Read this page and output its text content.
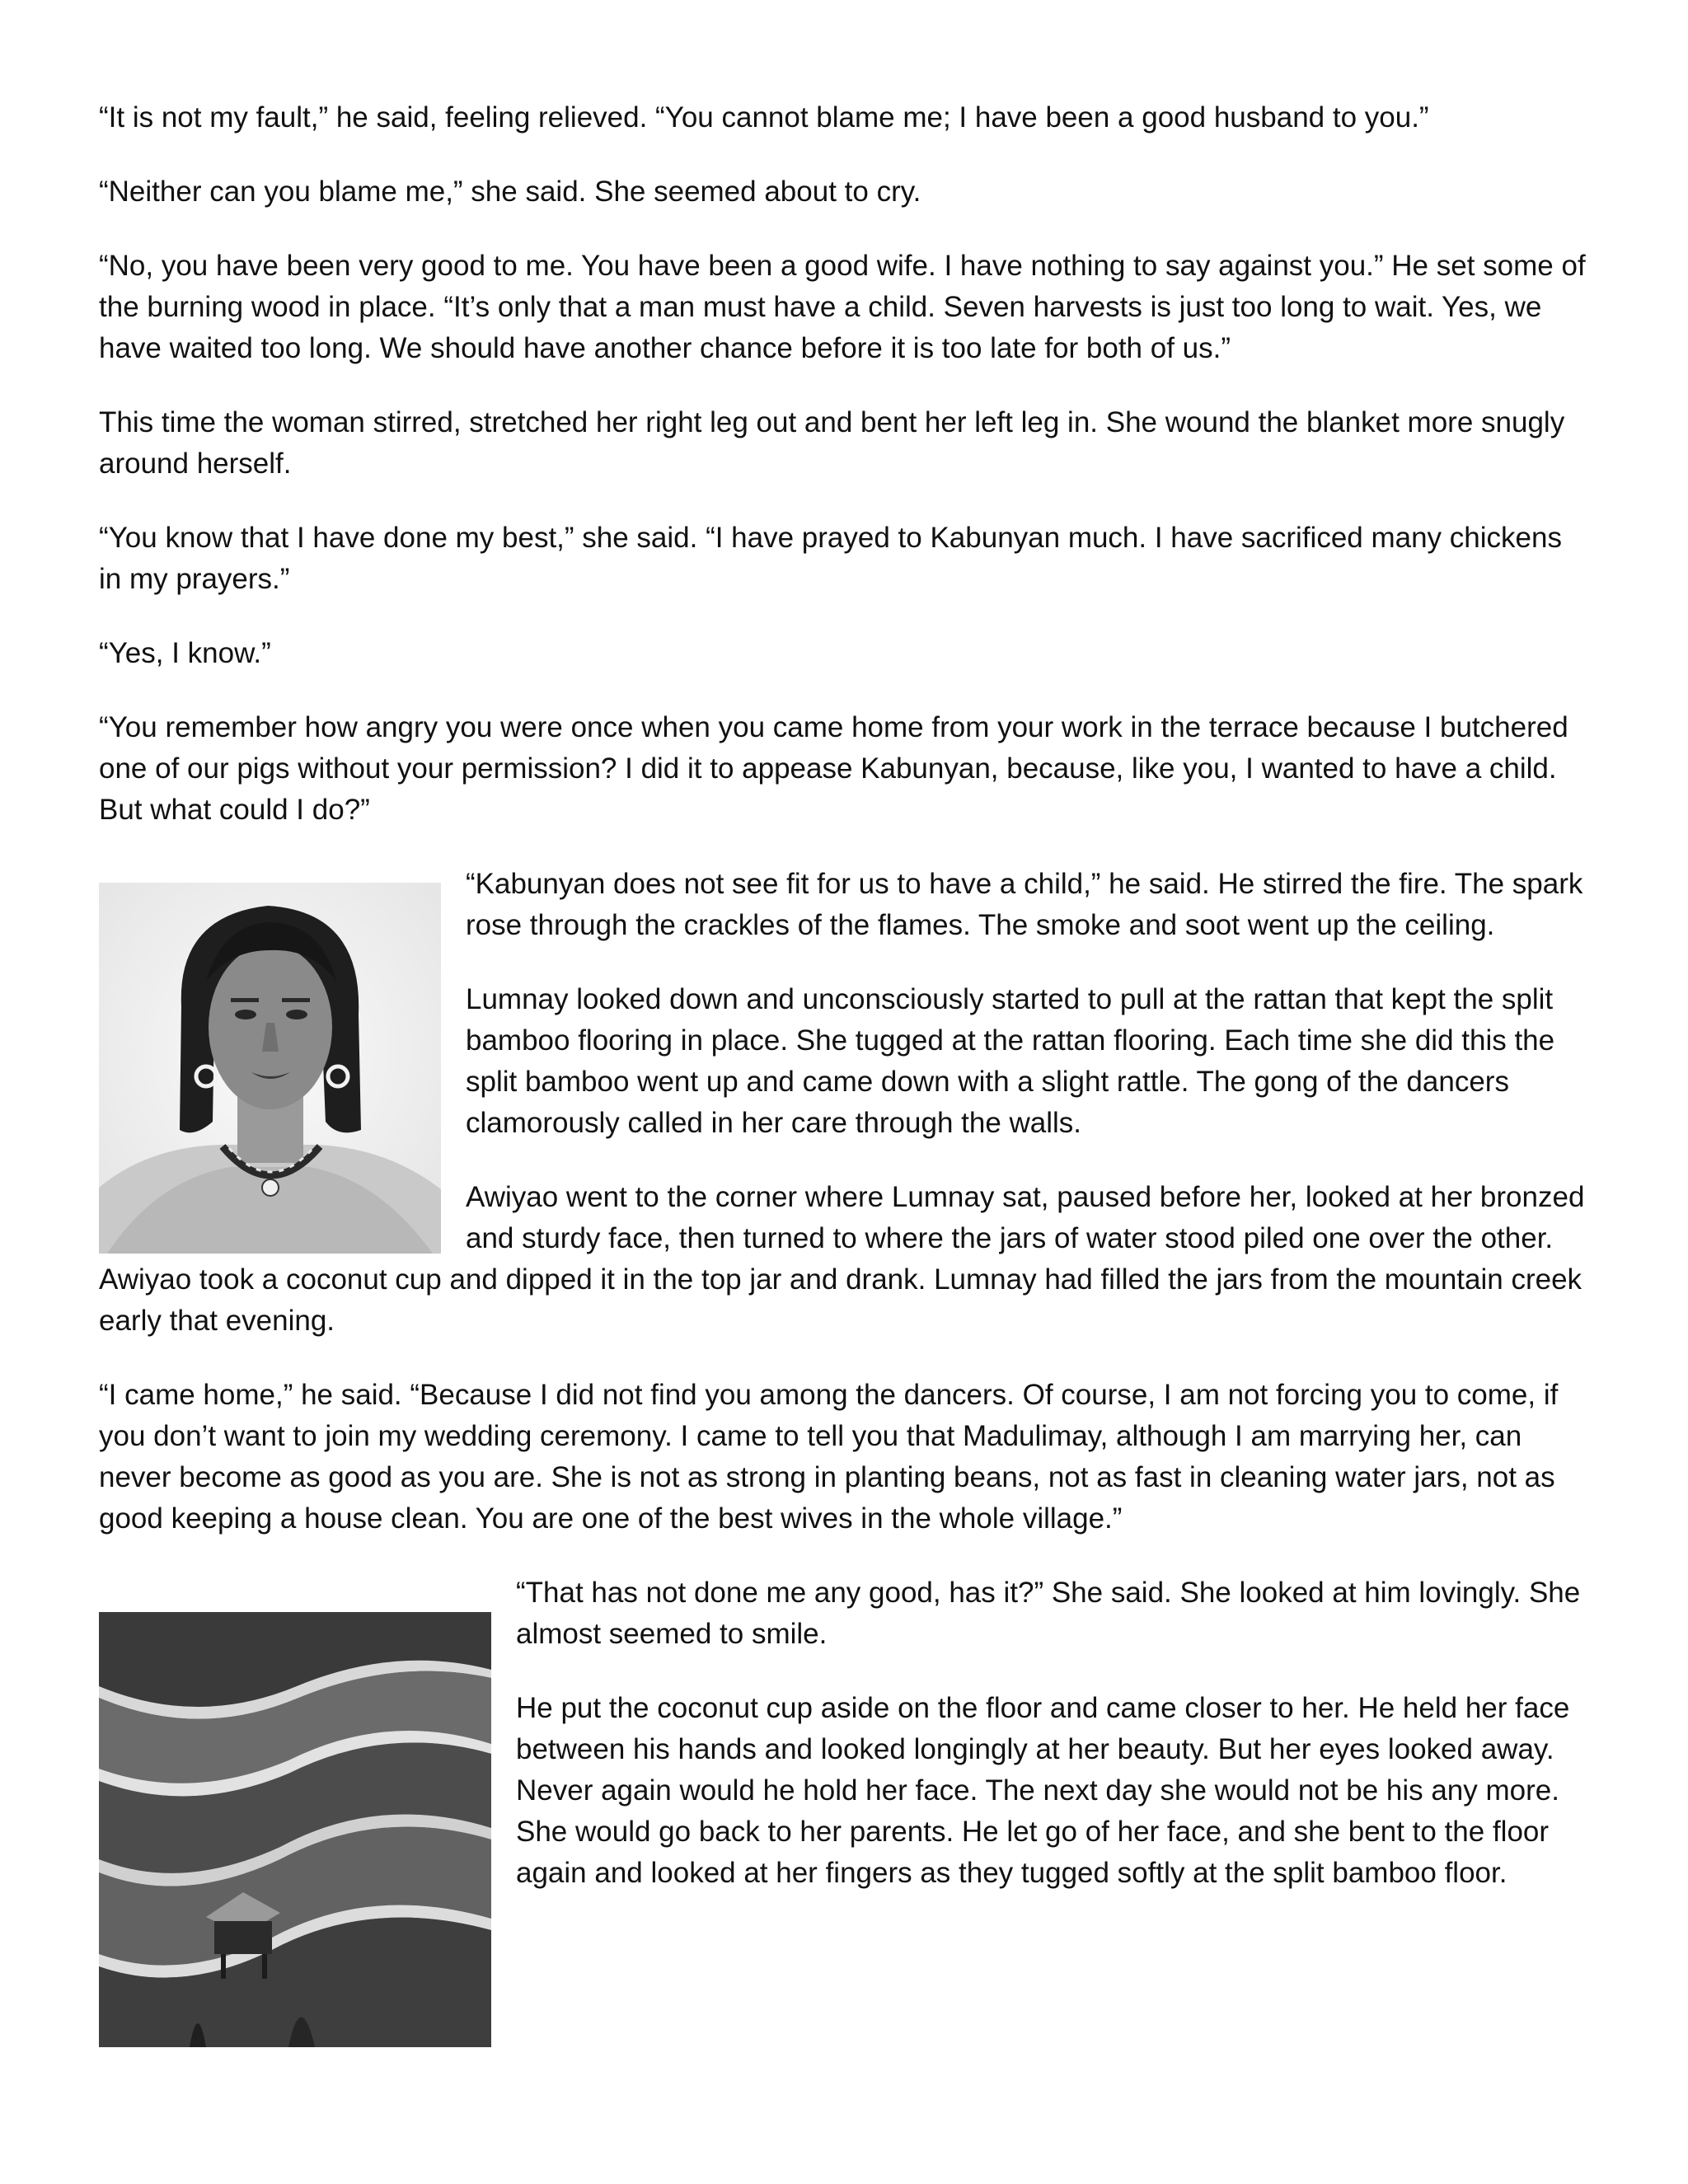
“It is not my fault,” he said, feeling relieved. “You cannot blame me; I have been a good husband to you.”

“Neither can you blame me,” she said. She seemed about to cry.

“No, you have been very good to me. You have been a good wife. I have nothing to say against you.” He set some of the burning wood in place. “It’s only that a man must have a child. Seven harvests is just too long to wait. Yes, we have waited too long. We should have another chance before it is too late for both of us.”

This time the woman stirred, stretched her right leg out and bent her left leg in. She wound the blanket more snugly around herself.

“You know that I have done my best,” she said. “I have prayed to Kabunyan much. I have sacrificed many chickens in my prayers.”

“Yes, I know.”

“You remember how angry you were once when you came home from your work in the terrace because I butchered one of our pigs without your permission? I did it to appease Kabunyan, because, like you, I wanted to have a child. But what could I do?”

“Kabunyan does not see fit for us to have a child,” he said. He stirred the fire. The spark rose through the crackles of the flames. The smoke and soot went up the ceiling.

Lumnay looked down and unconsciously started to pull at the rattan that kept the split bamboo flooring in place. She tugged at the rattan flooring. Each time she did this the split bamboo went up and came down with a slight rattle. The gong of the dancers clamorously called in her care through the walls.

Awiyao went to the corner where Lumnay sat, paused before her, looked at her bronzed and sturdy face, then turned to where the jars of water stood piled one over the other. Awiyao took a coconut cup and dipped it in the top jar and drank. Lumnay had filled the jars from the mountain creek early that evening.

“I came home,” he said. “Because I did not find you among the dancers. Of course, I am not forcing you to come, if you don’t want to join my wedding ceremony. I came to tell you that Madulimay, although I am marrying her, can never become as good as you are. She is not as strong in planting beans, not as fast in cleaning water jars, not as good keeping a house clean. You are one of the best wives in the whole village.”

“That has not done me any good, has it?” She said. She looked at him lovingly. She almost seemed to smile.

He put the coconut cup aside on the floor and came closer to her. He held her face between his hands and looked longingly at her beauty. But her eyes looked away. Never again would he hold her face. The next day she would not be his any more. She would go back to her parents. He let go of her face, and she bent to the floor again and looked at her fingers as they tugged softly at the split bamboo floor.
